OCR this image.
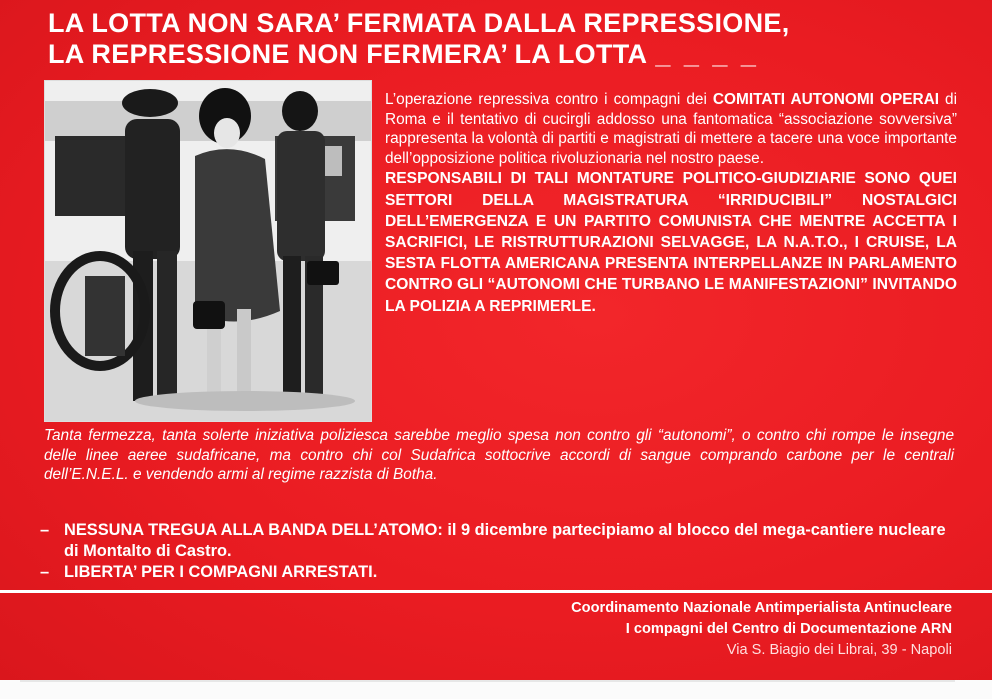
LA LOTTA NON SARA’ FERMATA DALLA REPRESSIONE,
LA REPRESSIONE NON FERMERA’ LA LOTTA _ _ _ _

L’operazione repressiva contro i compagni dei COMITATI AUTONOMI OPERAI di Roma e il tentativo di cucirgli addosso una fantomatica “associazione sovversiva” rappresenta la volontà di partiti e magistrati di mettere a tacere una voce importante dell’opposizione politica rivoluzionaria nel nostro paese.

RESPONSABILI DI TALI MONTATURE POLITICO-GIUDIZIARIE SONO QUEI SETTORI DELLA MAGISTRATURA “IRRIDUCIBILI” NOSTALGICI DELL’EMERGENZA E UN PARTITO COMUNISTA CHE MENTRE ACCETTA I SACRIFICI, LE RISTRUTTURAZIONI SELVAGGE, LA N.A.T.O., I CRUISE, LA SESTA FLOTTA AMERICANA PRESENTA INTERPELLANZE IN PARLAMENTO CONTRO GLI “AUTONOMI CHE TURBANO LE MANIFESTAZIONI” INVITANDO LA POLIZIA A REPRIMERLE.

Tanta fermezza, tanta solerte iniziativa poliziesca sarebbe meglio spesa non contro gli “autonomi”, o contro chi rompe le insegne delle linee aeree sudafricane, ma contro chi col Sudafrica sottocrive accordi di sangue comprando carbone per le centrali dell’E.N.E.L. e vendendo armi al regime razzista di Botha.
– NESSUNA TREGUA ALLA BANDA DELL’ATOMO: il 9 dicembre partecipiamo al blocco del mega-cantiere nucleare di Montalto di Castro.
– LIBERTA’ PER I COMPAGNI ARRESTATI.
Coordinamento Nazionale Antimperialista Antinucleare
I compagni del Centro di Documentazione ARN
Via S. Biagio dei Librai, 39 - Napoli
